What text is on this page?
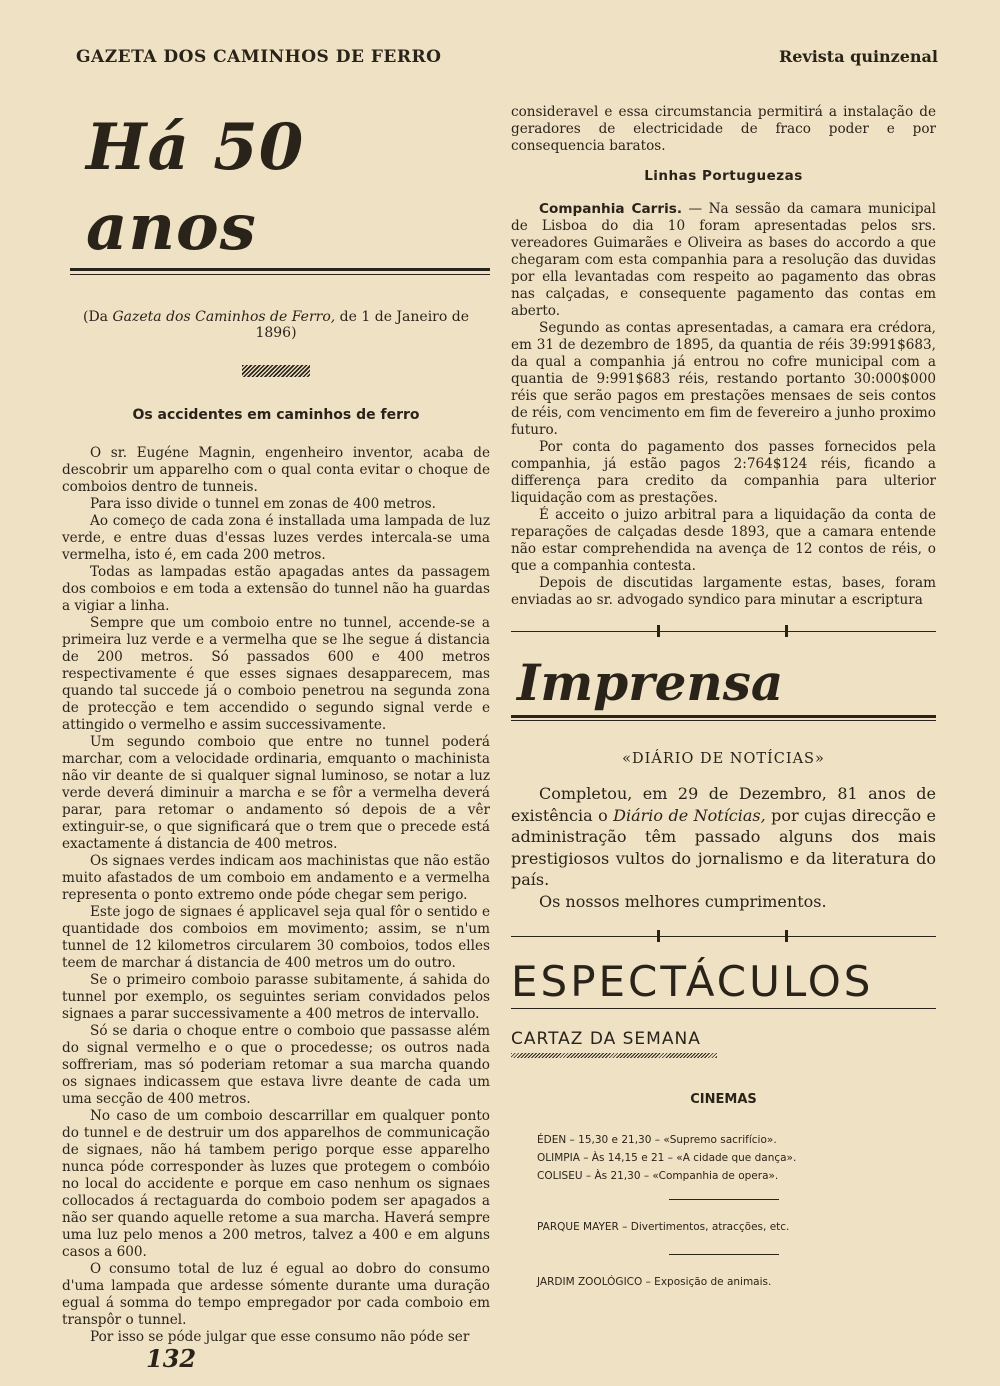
GAZETA DOS CAMINHOS DE FERRO	Revista quinzenal
Há 50 anos
(Da Gazeta dos Caminhos de Ferro, de 1 de Janeiro de 1896)
Os accidentes em caminhos de ferro

O sr. Eugéne Magnin, engenheiro inventor, acaba de descobrir um apparelho com o qual conta evitar o choque de comboios dentro de tunneis.

Para isso divide o tunnel em zonas de 400 metros.

Ao começo de cada zona é installada uma lampada de luz verde, e entre duas d'essas luzes verdes intercala-se uma vermelha, isto é, em cada 200 metros.

Todas as lampadas estão apagadas antes da passagem dos comboios e em toda a extensão do tunnel não ha guardas a vigiar a linha.

Sempre que um comboio entre no tunnel, accende-se a primeira luz verde e a vermelha que se lhe segue á distancia de 200 metros. Só passados 600 e 400 metros respectivamente é que esses signaes desapparecem, mas quando tal succede já o comboio penetrou na segunda zona de protecção e tem accendido o segundo signal verde e attingido o vermelho e assim successivamente.

Um segundo comboio que entre no tunnel poderá marchar, com a velocidade ordinaria, emquanto o machinista não vir deante de si qualquer signal luminoso, se notar a luz verde deverá diminuir a marcha e se fôr a vermelha deverá parar, para retomar o andamento só depois de a vêr extinguir-se, o que significará que o trem que o precede está exactamente á distancia de 400 metros.

Os signaes verdes indicam aos machinistas que não estão muito afastados de um comboio em andamento e a vermelha representa o ponto extremo onde póde chegar sem perigo.

Este jogo de signaes é applicavel seja qual fôr o sentido e quantidade dos comboios em movimento; assim, se n'um tunnel de 12 kilometros circularem 30 comboios, todos elles teem de marchar á distancia de 400 metros um do outro.

Se o primeiro comboio parasse subitamente, á sahida do tunnel por exemplo, os seguintes seriam convidados pelos signaes a parar successivamente a 400 metros de intervallo.

Só se daria o choque entre o comboio que passasse além do signal vermelho e o que o procedesse; os outros nada soffreriam, mas só poderiam retomar a sua marcha quando os signaes indicassem que estava livre deante de cada um uma secção de 400 metros.

No caso de um comboio descarrillar em qualquer ponto do tunnel e de destruir um dos apparelhos de communicação de signaes, não há tambem perigo porque esse apparelho nunca póde corresponder às luzes que protegem o combóio no local do accidente e porque em caso nenhum os signaes collocados á rectaguarda do comboio podem ser apagados a não ser quando aquelle retome a sua marcha. Haverá sempre uma luz pelo menos a 200 metros, talvez a 400 e em alguns casos a 600.

O consumo total de luz é egual ao dobro do consumo d'uma lampada que ardesse sómente durante uma duração egual á somma do tempo empregador por cada comboio em transpôr o tunnel.

Por isso se póde julgar que esse consumo não póde ser

consideravel e essa circumstancia permitirá a instalação de geradores de electricidade de fraco poder e por consequencia baratos.

Linhas Portuguezas

Companhia Carris. — Na sessão da camara municipal de Lisboa do dia 10 foram apresentadas pelos srs. vereadores Guimarães e Oliveira as bases do accordo a que chegaram com esta companhia para a resolução das duvidas por ella levantadas com respeito ao pagamento das obras nas calçadas, e consequente pagamento das contas em aberto.

Segundo as contas apresentadas, a camara era crédora, em 31 de dezembro de 1895, da quantia de réis 39:991$683, da qual a companhia já entrou no cofre municipal com a quantia de 9:991$683 réis, restando portanto 30:000$000 réis que serão pagos em prestações mensaes de seis contos de réis, com vencimento em fim de fevereiro a junho proximo futuro.

Por conta do pagamento dos passes fornecidos pela companhia, já estão pagos 2:764$124 réis, ficando a differença para credito da companhia para ulterior liquidação com as prestações.

É acceito o juizo arbitral para a liquidação da conta de reparações de calçadas desde 1893, que a camara entende não estar comprehendida na avença de 12 contos de réis, o que a companhia contesta.

Depois de discutidas largamente estas, bases, foram enviadas ao sr. advogado syndico para minutar a escriptura

Imprensa
«DIÁRIO DE NOTÍCIAS»

Completou, em 29 de Dezembro, 81 anos de existência o Diário de Notícias, por cujas direcção e administração têm passado alguns dos mais prestigiosos vultos do jornalismo e da literatura do país.

Os nossos melhores cumprimentos.

ESPECTÁCULOS
CARTAZ DA SEMANA
CINEMAS

ÉDEN – 15,30 e 21,30 – «Supremo sacrifício».

OLIMPIA – Às 14,15 e 21 – «A cidade que dança».

COLISEU – Às 21,30 – «Companhia de opera».

PARQUE MAYER – Divertimentos, atracções, etc.

JARDIM ZOOLÓGICO – Exposição de animais.

132
